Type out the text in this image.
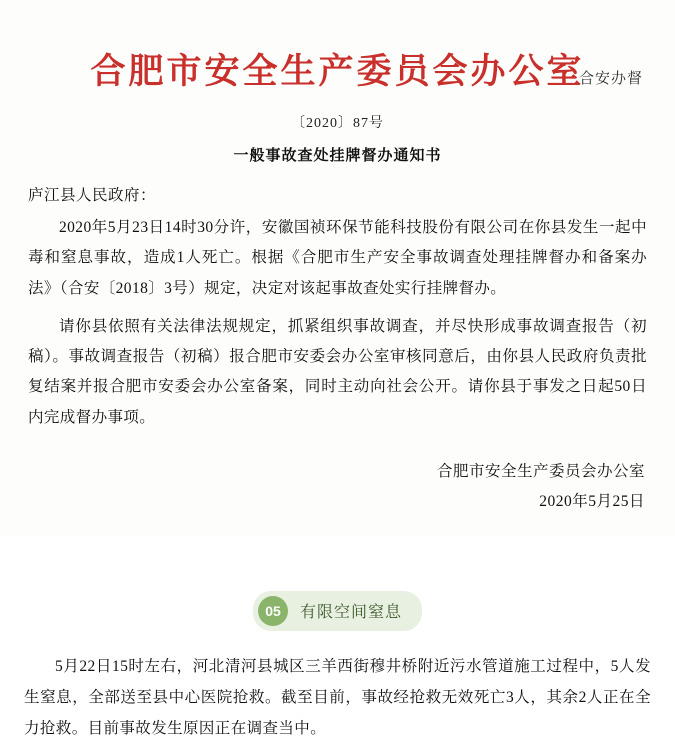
合肥市安全生产委员会办公室
合安办督
〔2020〕87号
一般事故查处挂牌督办通知书
庐江县人民政府：

2020年5月23日14时30分许，安徽国祯环保节能科技股份有限公司在你县发生一起中毒和窒息事故，造成1人死亡。根据《合肥市生产安全事故调查处理挂牌督办和备案办法》（合安〔2018〕3号）规定，决定对该起事故查处实行挂牌督办。

请你县依照有关法律法规规定，抓紧组织事故调查，并尽快形成事故调查报告（初稿）。事故调查报告（初稿）报合肥市安委会办公室审核同意后，由你县人民政府负责批复结案并报合肥市安委会办公室备案，同时主动向社会公开。请你县于事发之日起50日内完成督办事项。

合肥市安全生产委员会办公室
2020年5月25日
05	有限空间窒息

5月22日15时左右，河北清河县城区三羊西街穆井桥附近污水管道施工过程中，5人发生窒息，全部送至县中心医院抢救。截至目前，事故经抢救无效死亡3人，其余2人正在全力抢救。目前事故发生原因正在调查当中。
